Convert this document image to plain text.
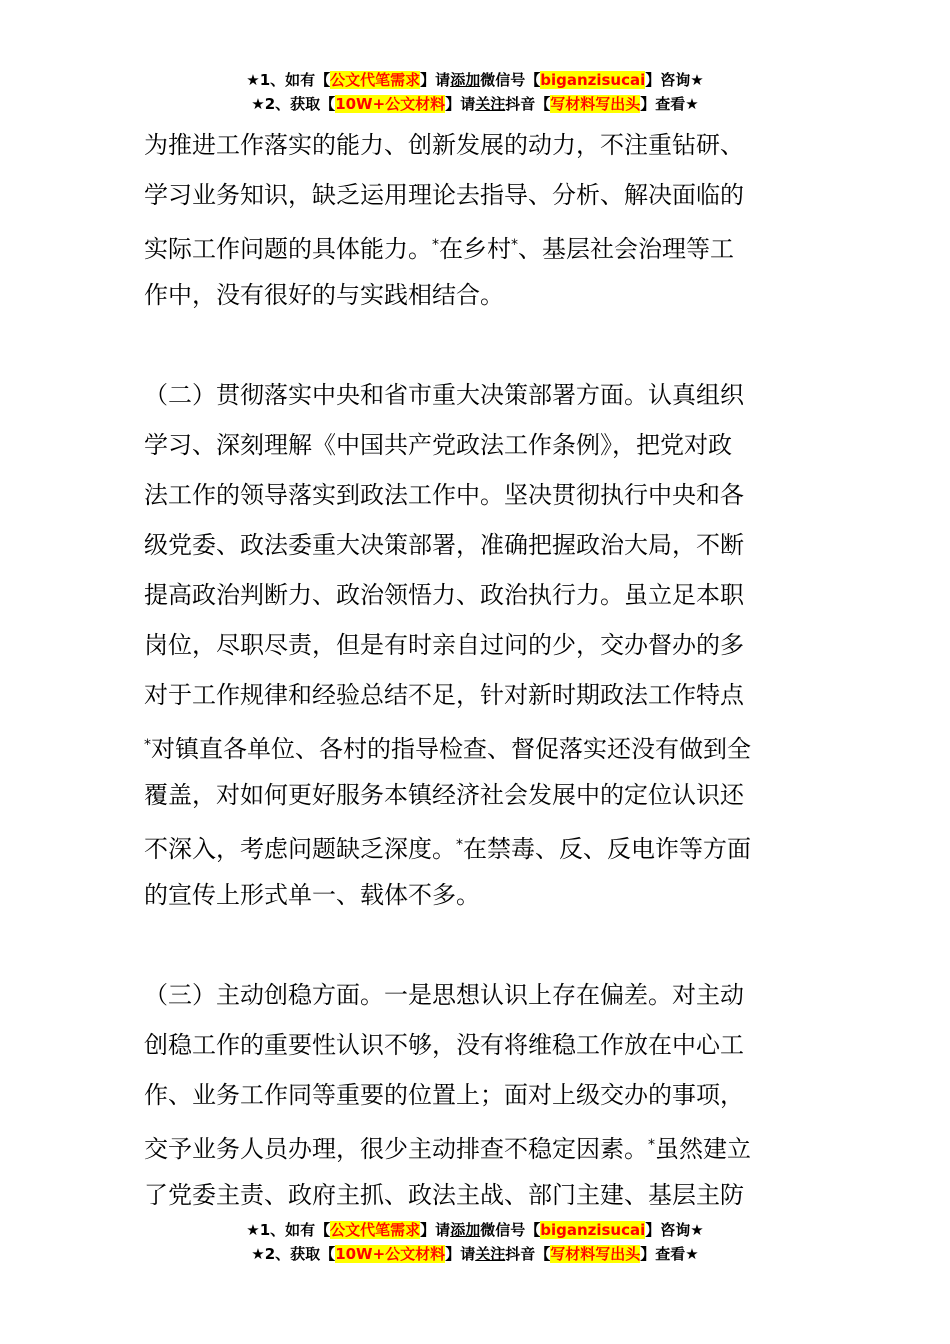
★1、如有【公文代笔需求】请添加微信号【biganzisucai】咨询★
★2、获取【10W+公文材料】请关注抖音【写材料写出头】查看★
为推进工作落实的能力、创新发展的动力，不注重钻研、
学习业务知识，缺乏运用理论去指导、分析、解决面临的
实际工作问题的具体能力。*在乡村*、基层社会治理等工
作中，没有很好的与实践相结合。
（二）贯彻落实中央和省市重大决策部署方面。认真组织
学习、深刻理解《中国共产党政法工作条例》，把党对政
法工作的领导落实到政法工作中。坚决贯彻执行中央和各
级党委、政法委重大决策部署，准确把握政治大局，不断
提高政治判断力、政治领悟力、政治执行力。虽立足本职
岗位，尽职尽责，但是有时亲自过问的少，交办督办的多
对于工作规律和经验总结不足，针对新时期政法工作特点
*对镇直各单位、各村的指导检查、督促落实还没有做到全
覆盖，对如何更好服务本镇经济社会发展中的定位认识还
不深入，考虑问题缺乏深度。*在禁毒、反、反电诈等方面
的宣传上形式单一、载体不多。
（三）主动创稳方面。一是思想认识上存在偏差。对主动
创稳工作的重要性认识不够，没有将维稳工作放在中心工
作、业务工作同等重要的位置上；面对上级交办的事项，
交予业务人员办理，很少主动排查不稳定因素。*虽然建立
了党委主责、政府主抓、政法主战、部门主建、基层主防
★1、如有【公文代笔需求】请添加微信号【biganzisucai】咨询★
★2、获取【10W+公文材料】请关注抖音【写材料写出头】查看★
